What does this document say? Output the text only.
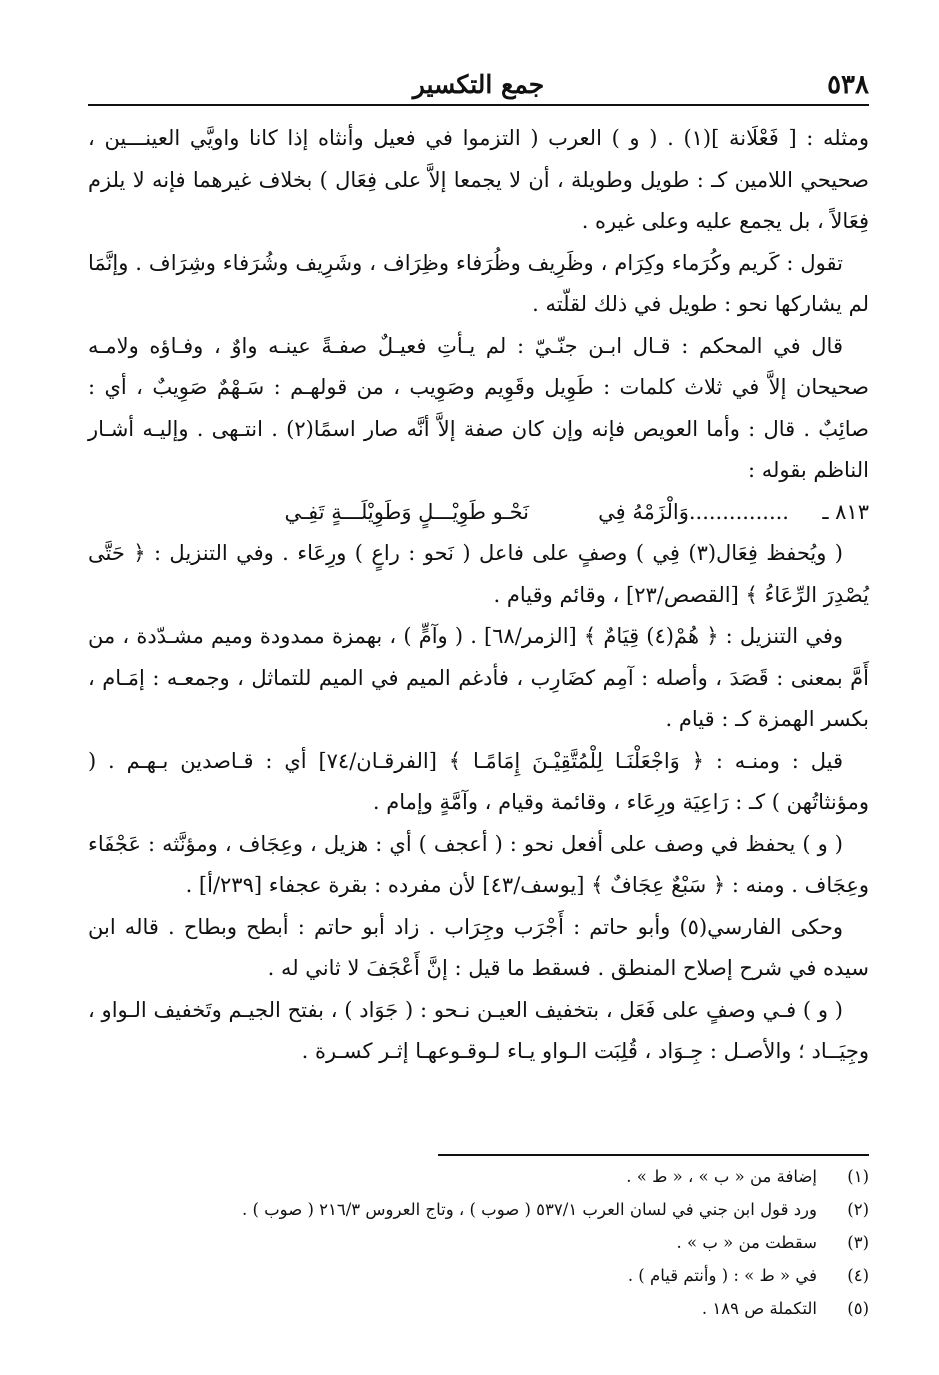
٥٣٨
جمع التكسير

ومثله : [ فَعْلَانة ](١) . ( و ) العرب ( التزموا في فعيل وأنثاه إذا كانا واويَّي العينـــين ، صحيحي اللامين كـ : طويل وطويلة ، أن لا يجمعا إلاَّ على فِعَال ) بخلاف غيرهما فإنه لا يلزم فِعَالاً ، بل يجمع عليه وعلى غيره .

تقول : كَريم وكُرَماء وكِرَام ، وظَرِيف وظُرَفاء وظِرَاف ، وشَرِيف وشُرَفاء وشِرَاف . وإنَّمَا لم يشاركها نحو : طويل في ذلك لقلّته .

قال في المحكم : قـال ابـن جنّـيّ : لم يـأتِ فعيـلٌ صفـةً عينـه واوٌ ، وفـاؤه ولامـه صحيحان إلاَّ في ثلاث كلمات : طَوِيل وقَوِيم وصَوِيب ، من قولهـم : سَـهْمٌ صَوِيبٌ ، أي : صائِبٌ . قال : وأما العويص فإنه وإن كان صفة إلاَّ أنَّه صار اسمًا(٢) . انتـهى . وإليـه أشـار الناظم بقوله :

٨١٣ ـ
...............وَالْزَمْهُ فِي
نَحْـو طَوِيْـــلٍ وَطَوِيْلَـــةٍ تَفِـي

( ويُحفظ فِعَال(٣) فِي ) وصفٍ على فاعل ( نَحو : راعٍ ) ورِعَاء . وفي التنزيل : ﴿ حَتَّى يُصْدِرَ الرِّعَاءُ ﴾ [القصص/٢٣] ، وقائم وقيام .

وفي التنزيل : ﴿ هُمْ(٤) قِيَامٌ ﴾ [الزمر/٦٨] . ( وآمٍّ ) ، بهمزة ممدودة وميم مشـدّدة ، من أَمَّ بمعنى : قَصَدَ ، وأصله : آمِم كضَارِب ، فأدغم الميم في الميم للتماثل ، وجمعـه : إمَـام ، بكسر الهمزة كـ : قيام .

قيل : ومنـه : ﴿ وَاجْعَلْنَـا لِلْمُتَّقِيْـنَ إِمَامًـا ﴾ [الفرقـان/٧٤] أي : قـاصدين بـهـم . ( ومؤنثاتُهن ) كـ : رَاعِيَة ورِعَاء ، وقائمة وقيام ، وآمَّةٍ وإمام .

( و ) يحفظ في وصف على أفعل نحو : ( أعجف ) أي : هزيل ، وعِجَاف ، ومؤنَّثه : عَجْفَاء وعِجَاف . ومنه : ﴿ سَبْعٌ عِجَافٌ ﴾ [يوسف/٤٣] لأن مفرده : بقرة عجفاء [٢٣٩/أ] .

وحكى الفارسي(٥) وأبو حاتم : أَجْرَب وجِرَاب . زاد أبو حاتم : أبطح وبطاح . قاله ابن سيده في شرح إصلاح المنطق . فسقط ما قيل : إنَّ أَعْجَفَ لا ثاني له .

( و ) فـي وصفٍ على فَعَل ، بتخفيف العيـن نـحو : ( جَوَاد ) ، بفتح الجيـم وتَخفيف الـواو ، وجِيَــاد ؛ والأصـل : جِـوَاد ، قُلِبَت الـواو يـاء لـوقـوعهـا إثـر كسـرة .

(١)
إضافة من « ب » ، « ط » .
(٢)
ورد قول ابن جني في لسان العرب ٥٣٧/١ ( صوب ) ، وتاج العروس ٢١٦/٣ ( صوب ) .
(٣)
سقطت من « ب » .
(٤)
في « ط » : ( وأنتم قيام ) .
(٥)
التكملة ص ١٨٩ .
